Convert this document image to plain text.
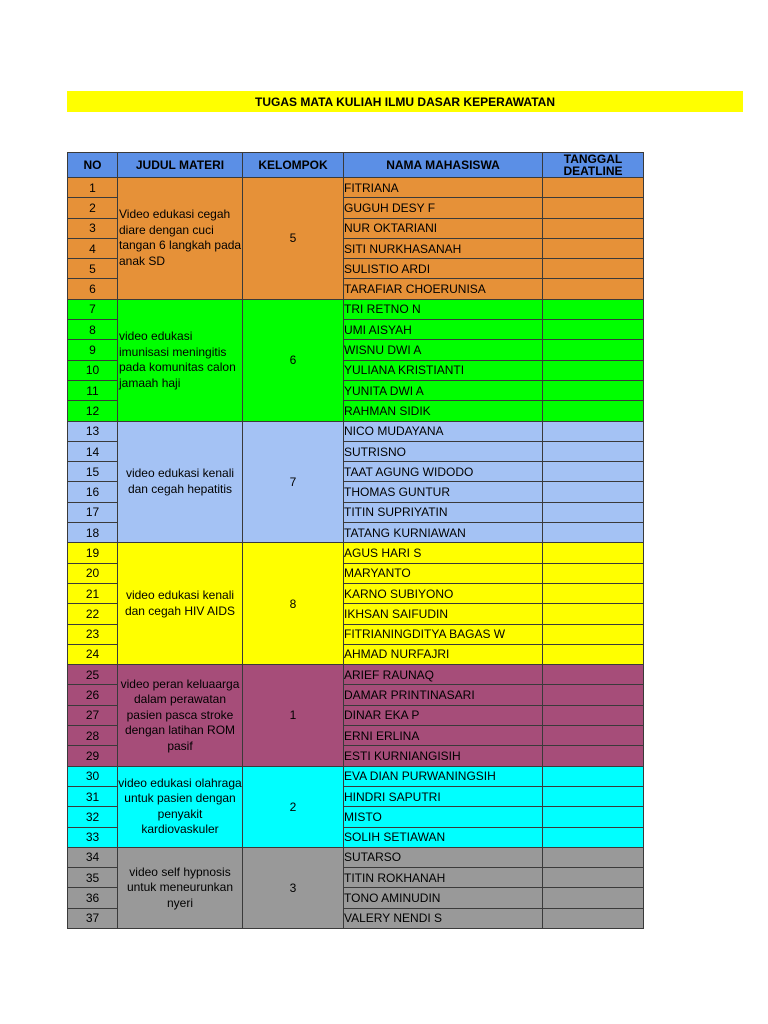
TUGAS MATA KULIAH ILMU DASAR KEPERAWATAN
NO	JUDUL MATERI	KELOMPOK	NAMA MAHASISWA	TANGGAL DEATLINE
1	Video edukasi cegah diare dengan cuci tangan 6 langkah pada anak SD	5	FITRIANA	
2			GUGUH DESY F	
3			NUR OKTARIANI	
4			SITI NURKHASANAH	
5			SULISTIO ARDI	
6			TARAFIAR CHOERUNISA	
7	video edukasi imunisasi meningitis pada komunitas calon jamaah haji	6	TRI RETNO N	
8			UMI AISYAH	
9			WISNU DWI A	
10			YULIANA KRISTIANTI	
11			YUNITA DWI A	
12			RAHMAN SIDIK	
13	video edukasi kenali dan cegah hepatitis	7	NICO MUDAYANA	
14			SUTRISNO	
15			TAAT AGUNG WIDODO	
16			THOMAS GUNTUR	
17			TITIN SUPRIYATIN	
18			TATANG KURNIAWAN	
19	video edukasi kenali dan cegah HIV AIDS	8	AGUS HARI S	
20			MARYANTO	
21			KARNO SUBIYONO	
22			IKHSAN SAIFUDIN	
23			FITRIANINGDITYA BAGAS W	
24			AHMAD NURFAJRI	
25	video peran keluaarga dalam perawatan pasien pasca stroke dengan latihan ROM pasif	1	ARIEF RAUNAQ	
26			DAMAR PRINTINASARI	
27			DINAR EKA P	
28			ERNI ERLINA	
29			ESTI KURNIANGISIH	
30	video edukasi olahraga untuk pasien dengan penyakit kardiovaskuler	2	EVA DIAN PURWANINGSIH	
31			HINDRI SAPUTRI	
32			MISTO	
33			SOLIH SETIAWAN	
34	video self hypnosis untuk meneurunkan nyeri	3	SUTARSO	
35			TITIN ROKHANAH	
36			TONO AMINUDIN	
37			VALERY NENDI S	
